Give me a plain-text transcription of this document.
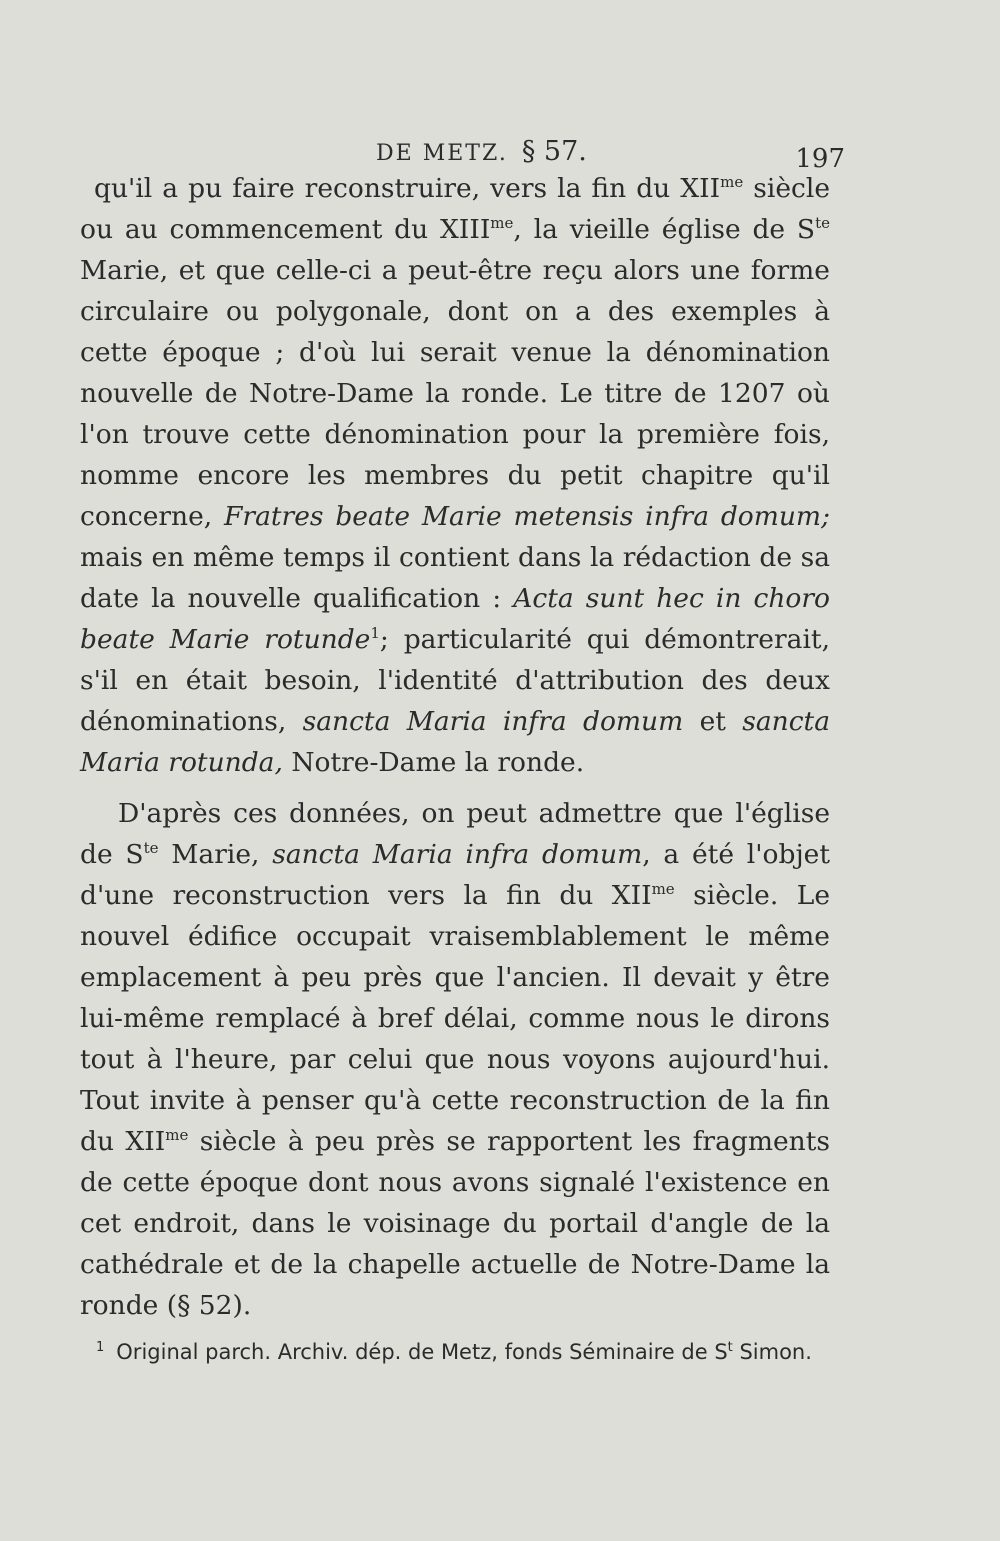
DE METZ. § 57.	197

qu'il a pu faire reconstruire, vers la fin du $XII^{me}$ siècle ou au commencement du $XIII^{me}$, la vieille église de $S^{te}$ Marie, et que celle-ci a peut-être reçu alors une forme circulaire ou polygonale, dont on a des exemples à cette époque ; d'où lui serait venue la dénomination nouvelle de Notre-Dame la ronde. Le titre de 1207 où l'on trouve cette dénomination pour la première fois, nomme encore les membres du petit chapitre qu'il concerne, Fratres beate Marie metensis infra domum; mais en même temps il contient dans la rédaction de sa date la nouvelle qualification : Acta sunt hec in choro beate Marie rotunde$^1$; particularité qui démontrerait, s'il en était besoin, l'identité d'attribution des deux dénominations, sancta Maria infra domum et sancta Maria rotunda, Notre-Dame la ronde.

D'après ces données, on peut admettre que l'église de $S^{te}$ Marie, sancta Maria infra domum, a été l'objet d'une reconstruction vers la fin du $XII^{me}$ siècle. Le nouvel édifice occupait vraisemblablement le même emplacement à peu près que l'ancien. Il devait y être lui-même remplacé à bref délai, comme nous le dirons tout à l'heure, par celui que nous voyons aujourd'hui. Tout invite à penser qu'à cette reconstruction de la fin du $XII^{me}$ siècle à peu près se rapportent les fragments de cette époque dont nous avons signalé l'existence en cet endroit, dans le voisinage du portail d'angle de la cathédrale et de la chapelle actuelle de Notre-Dame la ronde (§ 52).

$^1$ Original parch. Archiv. dép. de Metz, fonds Séminaire de $S^t$ Simon.
